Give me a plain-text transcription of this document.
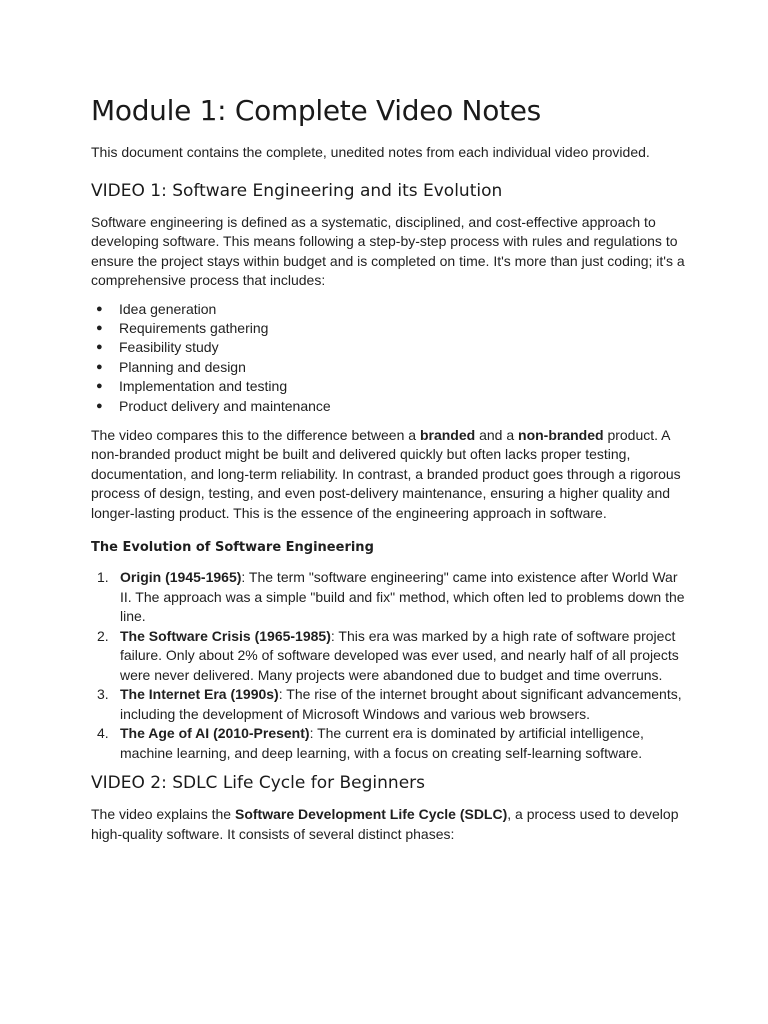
Module 1: Complete Video Notes

This document contains the complete, unedited notes from each individual video provided.

VIDEO 1: Software Engineering and its Evolution

Software engineering is defined as a systematic, disciplined, and cost-effective approach to developing software. This means following a step-by-step process with rules and regulations to ensure the project stays within budget and is completed on time. It's more than just coding; it's a comprehensive process that includes:

● Idea generation
● Requirements gathering
● Feasibility study
● Planning and design
● Implementation and testing
● Product delivery and maintenance

The video compares this to the difference between a branded and a non-branded product. A non-branded product might be built and delivered quickly but often lacks proper testing, documentation, and long-term reliability. In contrast, a branded product goes through a rigorous process of design, testing, and even post-delivery maintenance, ensuring a higher quality and longer-lasting product. This is the essence of the engineering approach in software.

The Evolution of Software Engineering
1. Origin (1945-1965): The term "software engineering" came into existence after World War II. The approach was a simple "build and fix" method, which often led to problems down the line.
2. The Software Crisis (1965-1985): This era was marked by a high rate of software project failure. Only about 2% of software developed was ever used, and nearly half of all projects were never delivered. Many projects were abandoned due to budget and time overruns.
3. The Internet Era (1990s): The rise of the internet brought about significant advancements, including the development of Microsoft Windows and various web browsers.
4. The Age of AI (2010-Present): The current era is dominated by artificial intelligence, machine learning, and deep learning, with a focus on creating self-learning software.
VIDEO 2: SDLC Life Cycle for Beginners

The video explains the Software Development Life Cycle (SDLC), a process used to develop high-quality software. It consists of several distinct phases:
